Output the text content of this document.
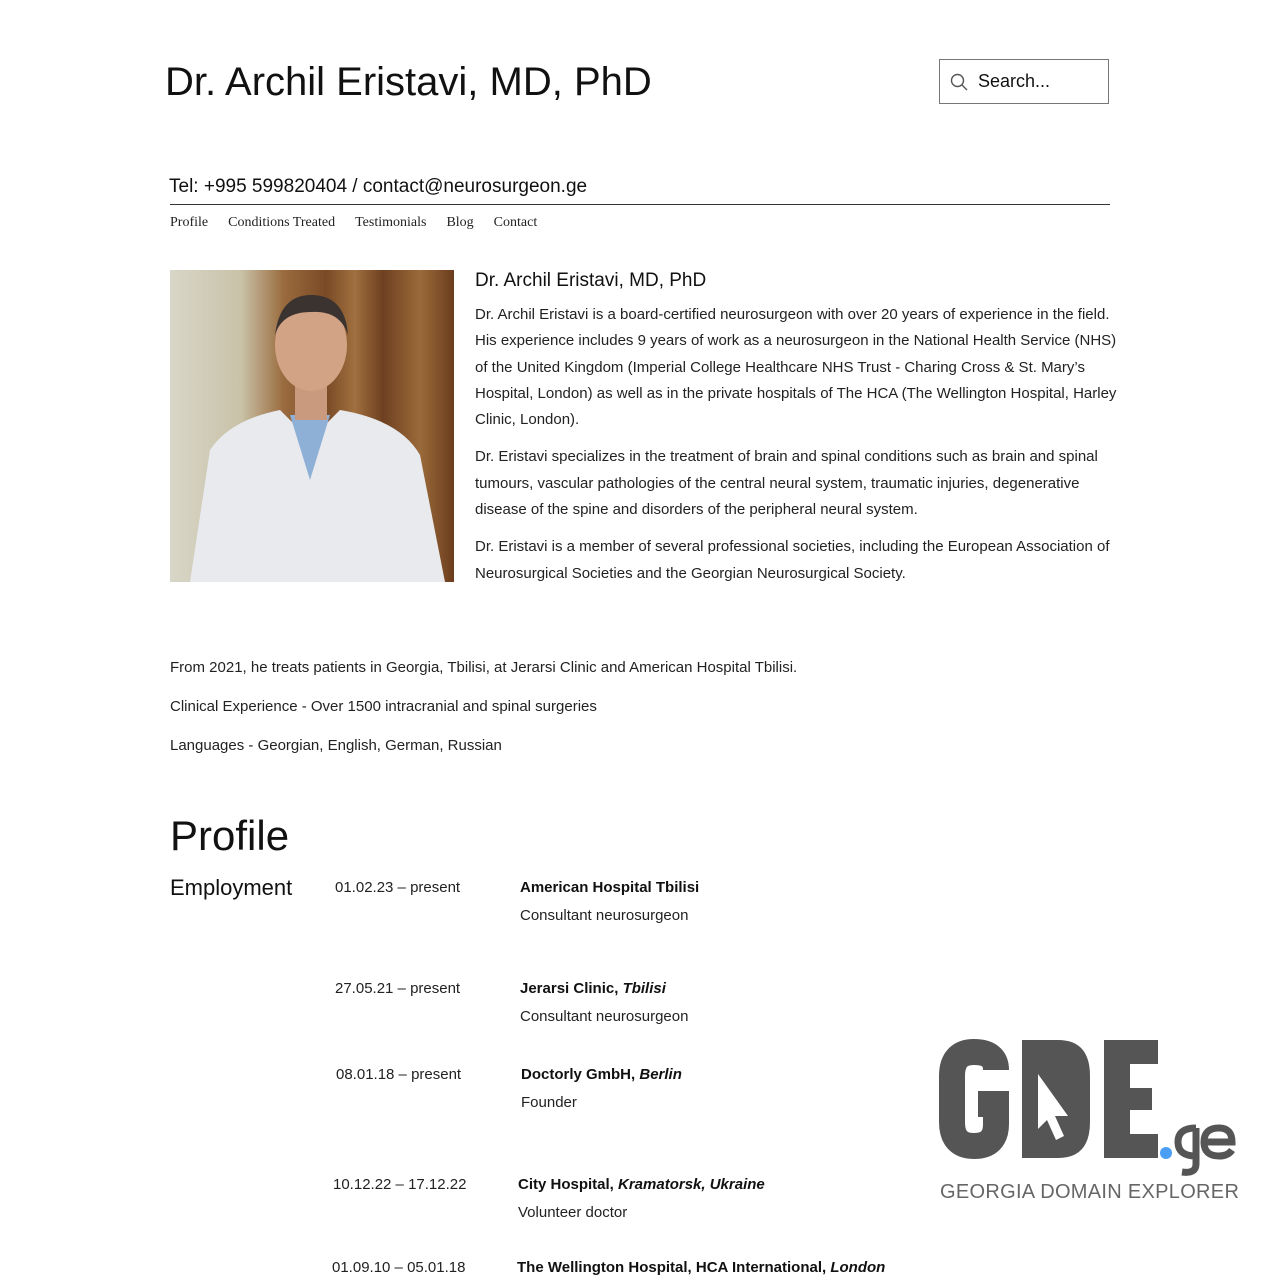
Dr. Archil Eristavi, MD, PhD
Search...
Tel: +995 599820404 / contact@neurosurgeon.ge
Profile Conditions Treated Testimonials Blog Contact
Dr. Archil Eristavi, MD, PhD

Dr. Archil Eristavi is a board-certified neurosurgeon with over 20 years of experience in the field. His experience includes 9 years of work as a neurosurgeon in the National Health Service (NHS) of the United Kingdom (Imperial College Healthcare NHS Trust - Charing Cross & St. Mary’s Hospital, London) as well as in the private hospitals of The HCA (The Wellington Hospital, Harley Clinic, London).

Dr. Eristavi specializes in the treatment of brain and spinal conditions such as brain and spinal tumours, vascular pathologies of the central neural system, traumatic injuries, degenerative disease of the spine and disorders of the peripheral neural system.

Dr. Eristavi is a member of several professional societies, including the European Association of Neurosurgical Societies and the Georgian Neurosurgical Society.

From 2021, he treats patients in Georgia, Tbilisi, at Jerarsi Clinic and American Hospital Tbilisi.
Clinical Experience - Over 1500 intracranial and spinal surgeries
Languages - Georgian, English, German, Russian
Profile
Employment	01.02.23 – present	American Hospital Tbilisi
Consultant neurosurgeon
27.05.21 – present	Jerarsi Clinic, Tbilisi
Consultant neurosurgeon
08.01.18 – present	Doctorly GmbH, Berlin
Founder
10.12.22 – 17.12.22	City Hospital, Kramatorsk, Ukraine
Volunteer doctor
01.09.10 – 05.01.18	The Wellington Hospital, HCA International, London
GEORGIA DOMAIN EXPLORER
